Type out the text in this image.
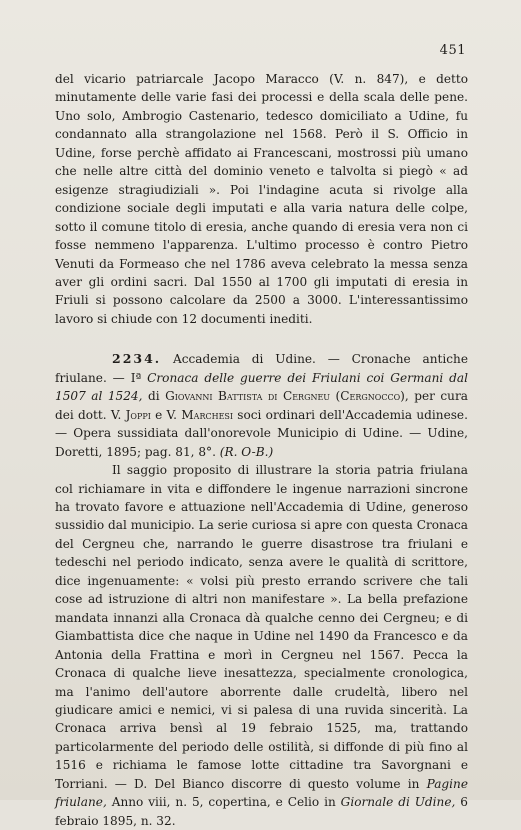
451

del vicario patriarcale Jacopo Maracco (V. n. 847), e detto minutamente delle varie fasi dei processi e della scala delle pene. Uno solo, Ambrogio Castenario, tedesco domiciliato a Udine, fu condannato alla strangolazione nel 1568. Però il S. Officio in Udine, forse perchè affidato ai Francescani, mostrossi più umano che nelle altre città del dominio veneto e talvolta si piegò « ad esigenze stragiudiziali ». Poi l'indagine acuta si rivolge alla condizione sociale degli imputati e alla varia natura delle colpe, sotto il comune titolo di eresia, anche quando di eresia vera non ci fosse nemmeno l'apparenza. L'ultimo processo è contro Pietro Venuti da Formeaso che nel 1786 aveva celebrato la messa senza aver gli ordini sacri. Dal 1550 al 1700 gli imputati di eresia in Friuli si possono calcolare da 2500 a 3000. L'interessantissimo lavoro si chiude con 12 documenti inediti.

2234. Accademia di Udine. — Cronache antiche friulane. — Iª Cronaca delle guerre dei Friulani coi Germani dal 1507 al 1524, di Giovanni Battista di Cergneu (Cergnocco), per cura dei dott. V. Joppi e V. Marchesi soci ordinari dell'Accademia udinese. — Opera sussidiata dall'onorevole Municipio di Udine. — Udine, Doretti, 1895; pag. 81, 8°. (R. O-B.)

Il saggio proposito di illustrare la storia patria friulana col richiamare in vita e diffondere le ingenue narrazioni sincrone ha trovato favore e attuazione nell'Accademia di Udine, generoso sussidio dal municipio. La serie curiosa si apre con questa Cronaca del Cergneu che, narrando le guerre disastrose tra friulani e tedeschi nel periodo indicato, senza avere le qualità di scrittore, dice ingenuamente: « volsi più presto errando scrivere che tali cose ad istruzione di altri non manifestare ». La bella prefazione mandata innanzi alla Cronaca dà qualche cenno dei Cergneu; e di Giambattista dice che naque in Udine nel 1490 da Francesco e da Antonia della Frattina e morì in Cergneu nel 1567. Pecca la Cronaca di qualche lieve inesattezza, specialmente cronologica, ma l'animo dell'autore aborrente dalle crudeltà, libero nel giudicare amici e nemici, vi si palesa di una ruvida sincerità. La Cronaca arriva bensì al 19 febraio 1525, ma, trattando particolarmente del periodo delle ostilità, si diffonde di più fino al 1516 e richiama le famose lotte cittadine tra Savorgnani e Torriani. — D. Del Bianco discorre di questo volume in Pagine friulane, Anno viii, n. 5, copertina, e Celio in Giornale di Udine, 6 febraio 1895, n. 32.
